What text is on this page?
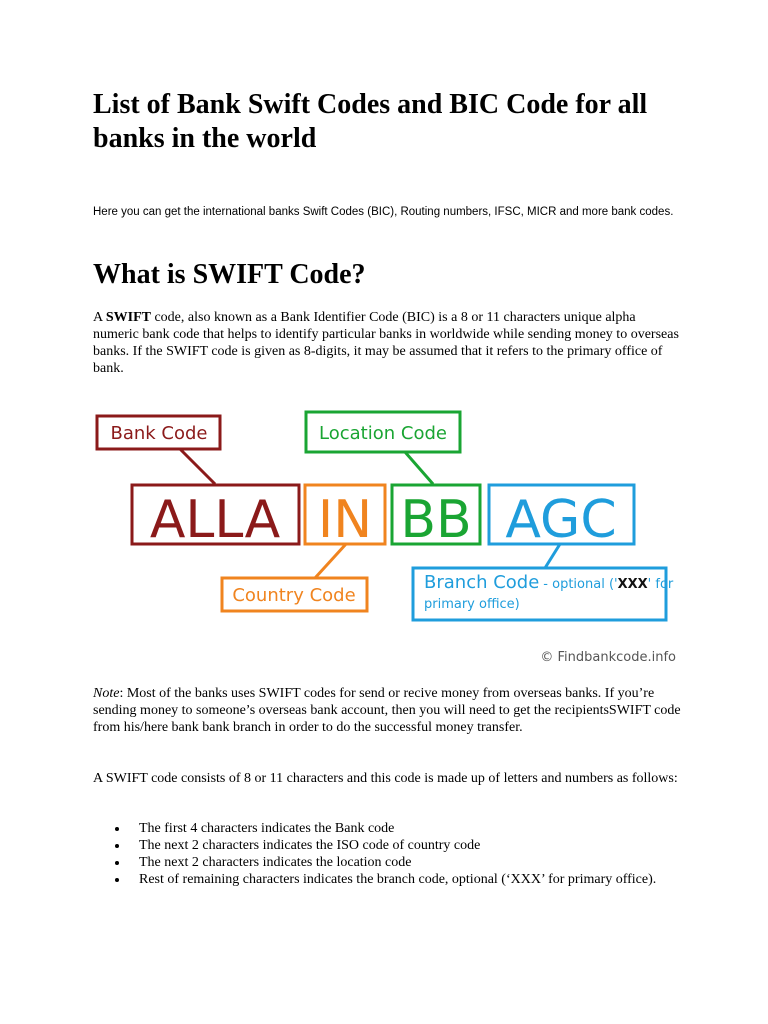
List of Bank Swift Codes and BIC Code for all banks in the world

Here you can get the international banks Swift Codes (BIC), Routing numbers, IFSC, MICR and more bank codes.

What is SWIFT Code?

A SWIFT code, also known as a Bank Identifier Code (BIC) is a 8 or 11 characters unique alpha numeric bank code that helps to identify particular banks in worldwide while sending money to overseas banks. If the SWIFT code is given as 8-digits, it may be assumed that it refers to the primary office of bank.

Bank Code	Location Code
ALLA IN BB AGC
Country Code
Branch Code - optional ('XXX' for
primary office)
© Findbankcode.info

Note: Most of the banks uses SWIFT codes for send or recive money from overseas banks. If you’re sending money to someone’s overseas bank account, then you will need to get the recipientsSWIFT code from his/here bank bank branch in order to do the successful money transfer.

A SWIFT code consists of 8 or 11 characters and this code is made up of letters and numbers as follows:

The first 4 characters indicates the Bank code
The next 2 characters indicates the ISO code of country code
The next 2 characters indicates the location code
Rest of remaining characters indicates the branch code, optional (‘XXX’ for primary office).
